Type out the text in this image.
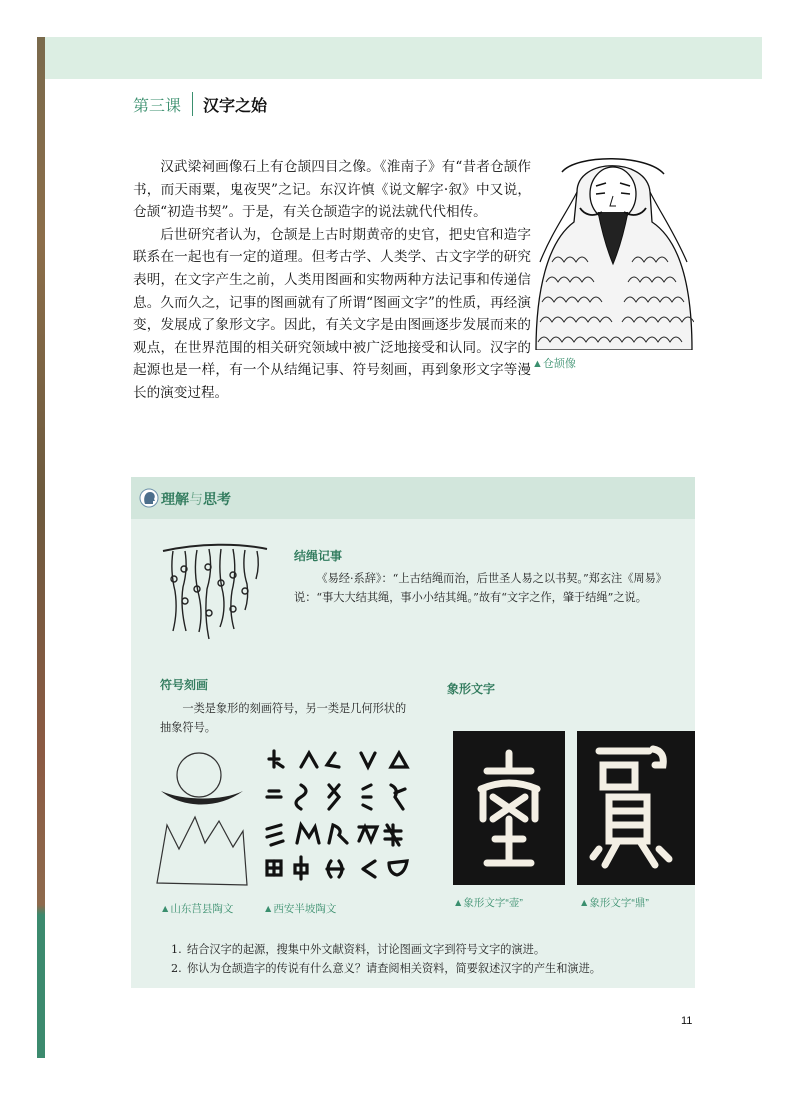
第三课 汉字之始

汉武梁祠画像石上有仓颉四目之像。《淮南子》有“昔者仓颉作书，而天雨粟，鬼夜哭”之记。东汉许慎《说文解字·叙》中又说，仓颉“初造书契”。于是，有关仓颉造字的说法就代代相传。

后世研究者认为，仓颉是上古时期黄帝的史官，把史官和造字联系在一起也有一定的道理。但考古学、人类学、古文字学的研究表明，在文字产生之前，人类用图画和实物两种方法记事和传递信息。久而久之，记事的图画就有了所谓“图画文字”的性质，再经演变，发展成了象形文字。因此，有关文字是由图画逐步发展而来的观点，在世界范围的相关研究领域中被广泛地接受和认同。汉字的起源也是一样，有一个从结绳记事、符号刻画，再到象形文字等漫长的演变过程。

▲仓颉像
理解与思考
结绳记事

《易经·系辞》：“上古结绳而治，后世圣人易之以书契。”郑玄注《周易》说：“事大大结其绳，事小小结其绳。”故有“文字之作，肇于结绳”之说。

符号刻画

一类是象形的刻画符号，另一类是几何形状的抽象符号。

▲山东莒县陶文	▲西安半坡陶文
象形文字
▲象形文字“壶”	▲象形文字“鼎”
1. 结合汉字的起源，搜集中外文献资料，讨论图画文字到符号文字的演进。
2. 你认为仓颉造字的传说有什么意义？请查阅相关资料，简要叙述汉字的产生和演进。
11
